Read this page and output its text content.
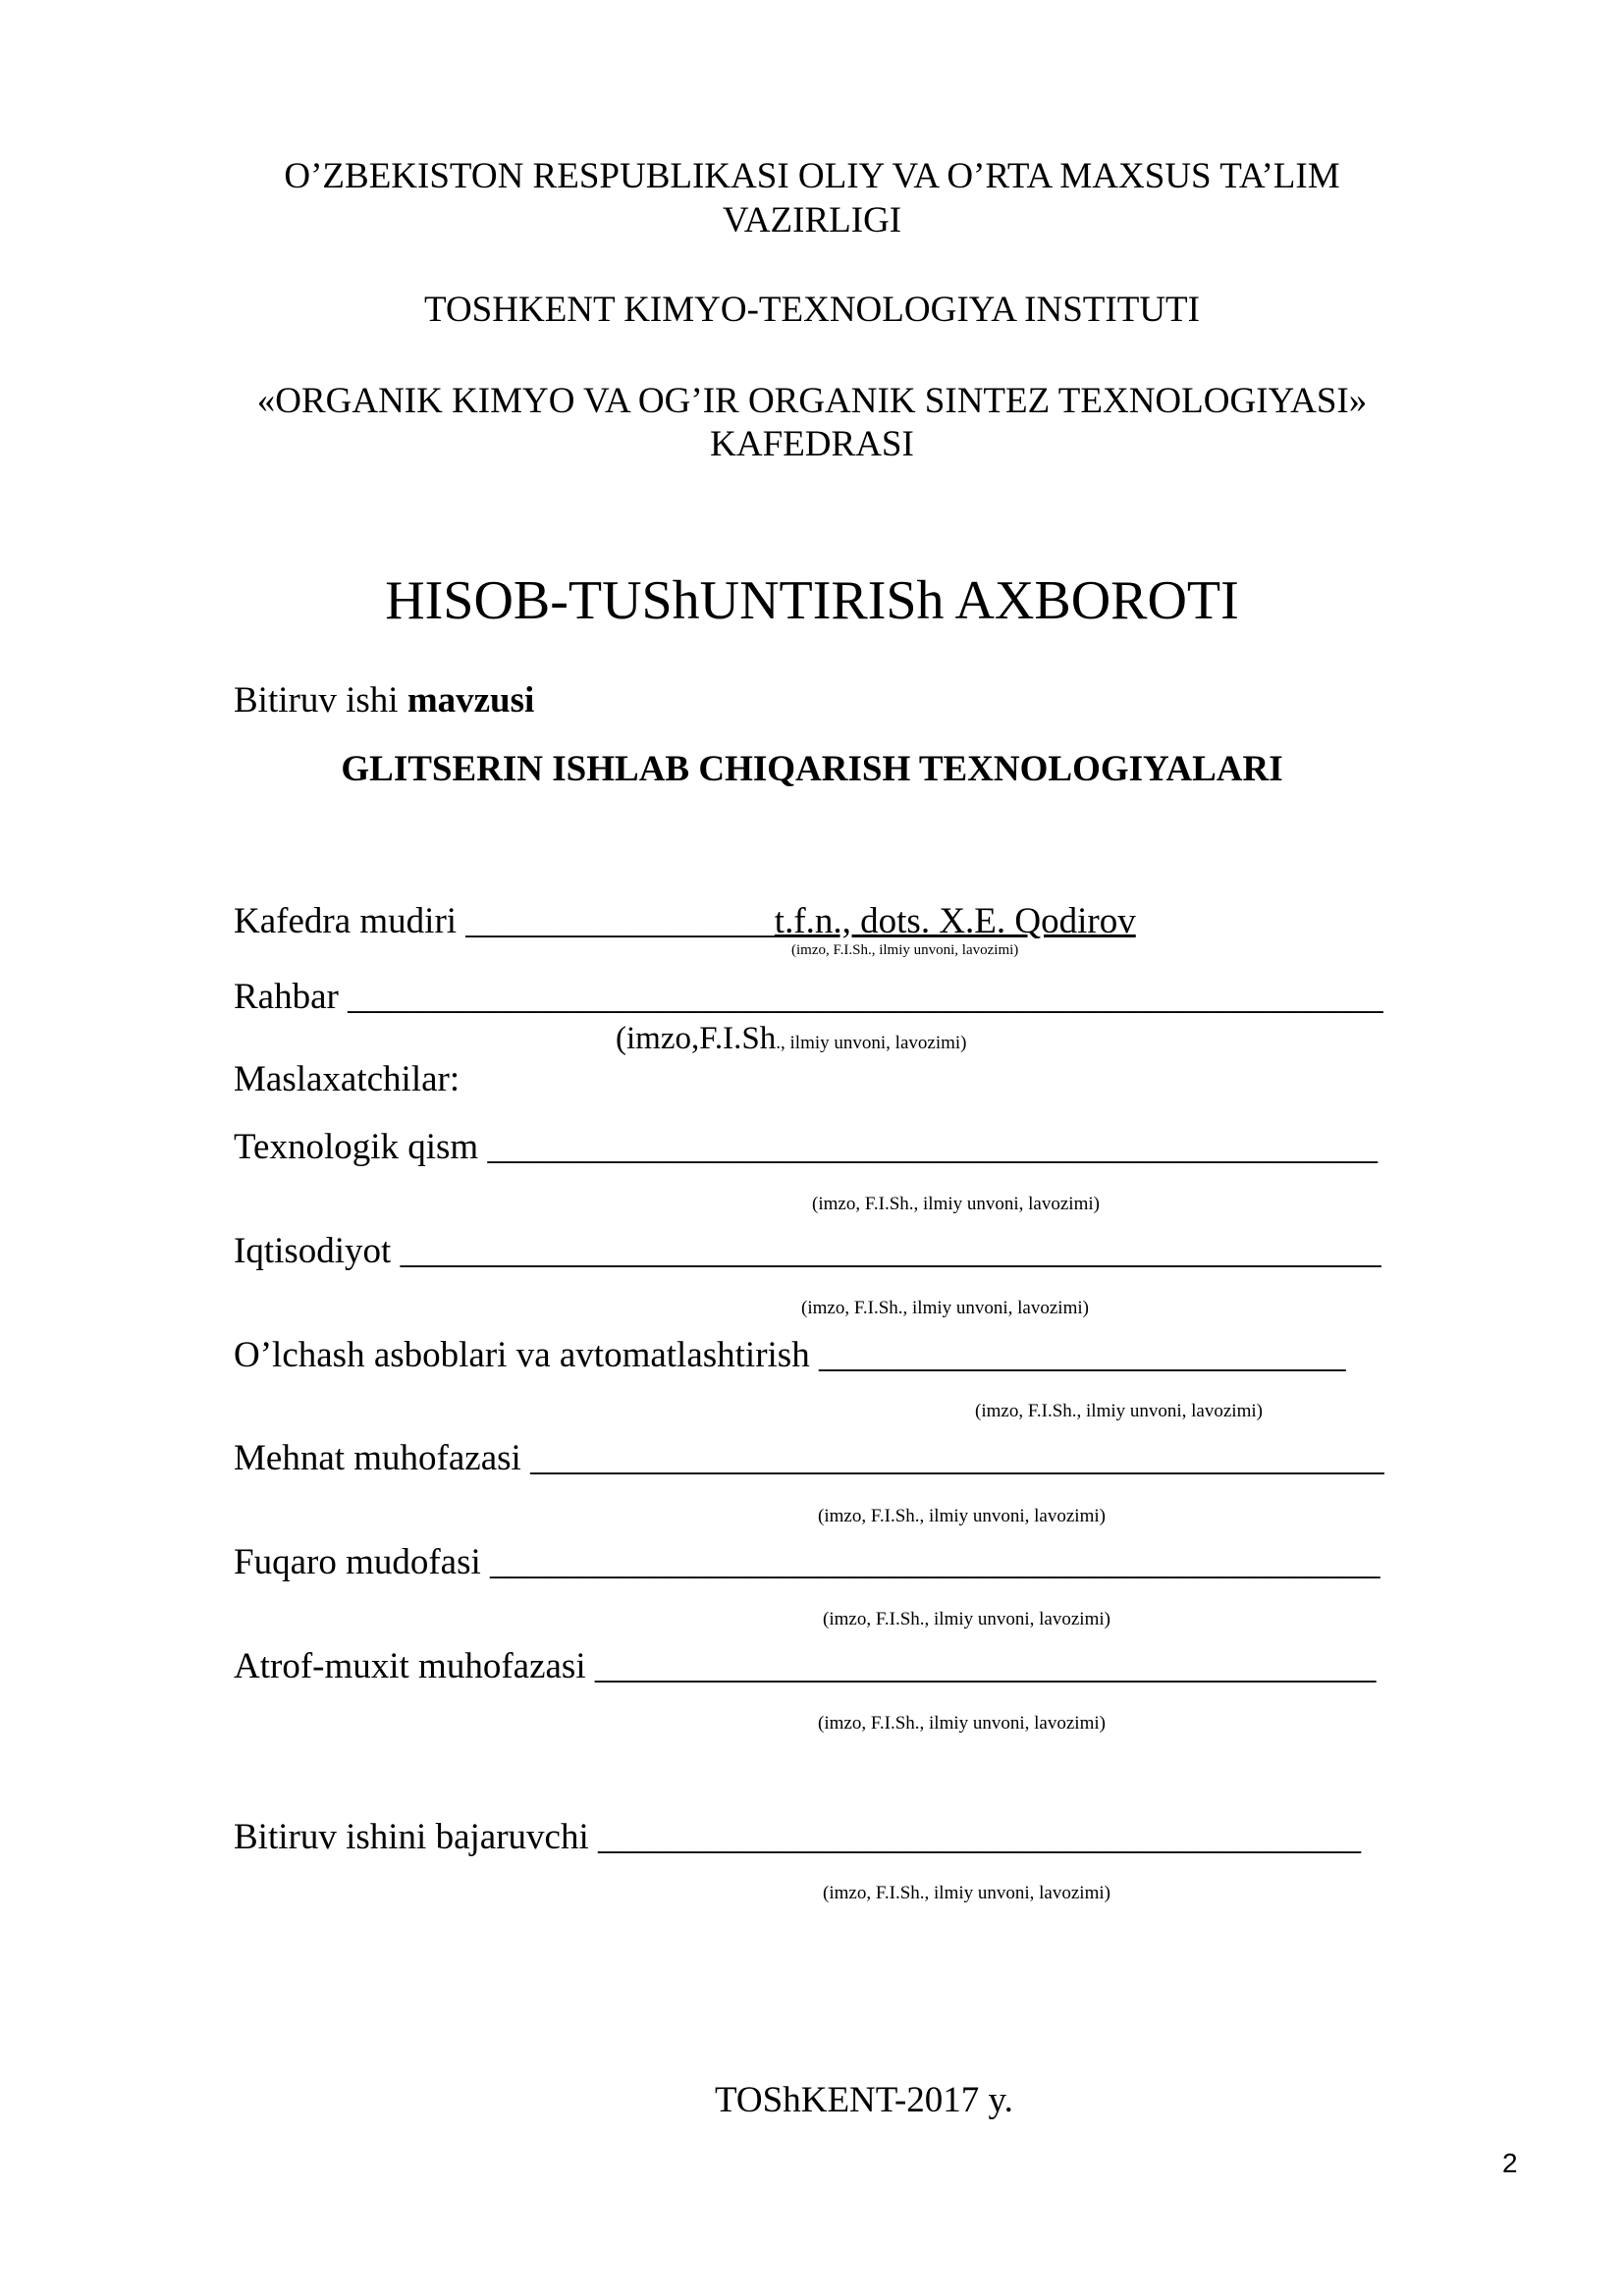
O’ZBEKISTON RESPUBLIKASI OLIY VA O’RTA MAXSUS TA’LIM
VAZIRLIGI
TOSHKENT KIMYO-TEXNOLOGIYA INSTITUTI
«ORGANIK KIMYO VA OG’IR ORGANIK SINTEZ TEXNOLOGIYASI»
KAFEDRASI
HISOB-TUShUNTIRISh AXBOROTI
Bitiruv ishi mavzusi
GLITSERIN ISHLAB CHIQARISH TEXNOLOGIYALARI
Kafedra mudiri _________________t.f.n., dots. X.E. Qodirov
(imzo, F.I.Sh., ilmiy unvoni, lavozimi)
Rahbar _________________________________________________________
(imzo,F.I.Sh., ilmiy unvoni, lavozimi)
Maslaxatchilar:
Texnologik qism _________________________________________________
(imzo, F.I.Sh., ilmiy unvoni, lavozimi)
Iqtisodiyot ______________________________________________________
(imzo, F.I.Sh., ilmiy unvoni, lavozimi)
O’lchash asboblari va avtomatlashtirish _____________________________
(imzo, F.I.Sh., ilmiy unvoni, lavozimi)
Mehnat muhofazasi _______________________________________________
(imzo, F.I.Sh., ilmiy unvoni, lavozimi)
Fuqaro mudofasi _________________________________________________
(imzo, F.I.Sh., ilmiy unvoni, lavozimi)
Atrof-muxit muhofazasi ___________________________________________
(imzo, F.I.Sh., ilmiy unvoni, lavozimi)
Bitiruv ishini bajaruvchi __________________________________________
(imzo, F.I.Sh., ilmiy unvoni, lavozimi)
TOShKENT-2017 y.
2
